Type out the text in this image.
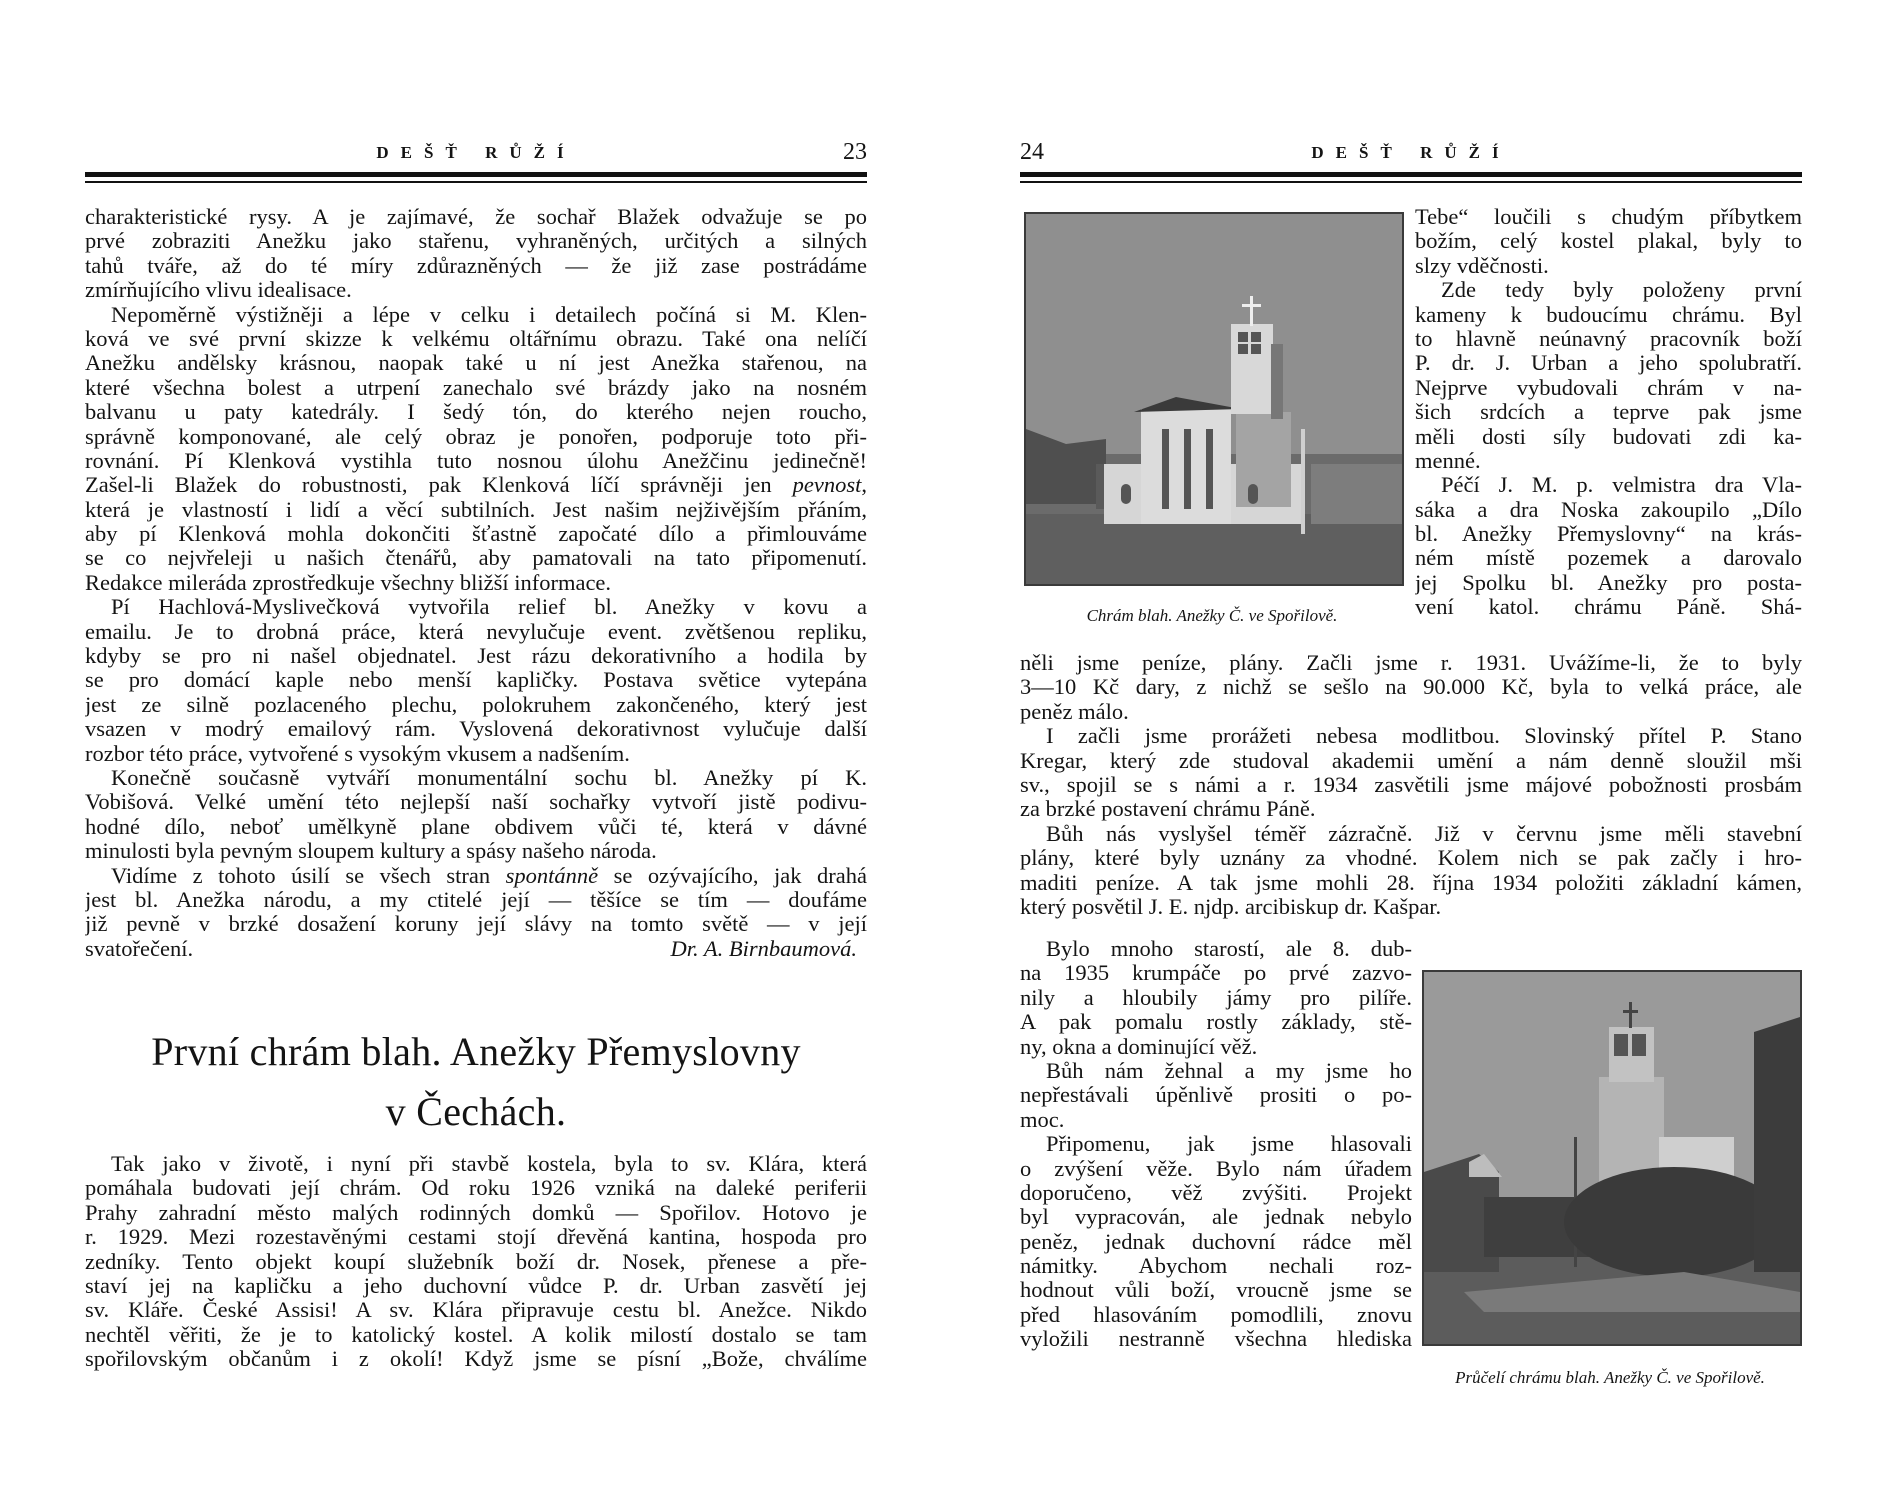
DEŠŤ RŮŽÍ	23
charakteristické rysy. A je zajímavé, že sochař Blažek odvažuje se po
prvé zobraziti Anežku jako stařenu, vyhraněných, určitých a silných
tahů tváře, až do té míry zdůrazněných — že již zase postrádáme
zmírňujícího vlivu idealisace.
Nepoměrně výstižněji a lépe v celku i detailech počíná si M. Klen-
ková ve své první skizze k velkému oltářnímu obrazu. Také ona nelíčí
Anežku andělsky krásnou, naopak také u ní jest Anežka stařenou, na
které všechna bolest a utrpení zanechalo své brázdy jako na nosném
balvanu u paty katedrály. I šedý tón, do kterého nejen roucho,
správně komponované, ale celý obraz je ponořen, podporuje toto při-
rovnání. Pí Klenková vystihla tuto nosnou úlohu Anežčinu jedinečně!
Zašel-li Blažek do robustnosti, pak Klenková líčí správněji jen pevnost,
která je vlastností i lidí a věcí subtilních. Jest našim nejživějším přáním,
aby pí Klenková mohla dokončiti šťastně započaté dílo a přimlouváme
se co nejvřeleji u našich čtenářů, aby pamatovali na tato připomenutí.
Redakce mileráda zprostředkuje všechny bližší informace.
Pí Hachlová-Myslivečková vytvořila relief bl. Anežky v kovu a
emailu. Je to drobná práce, která nevylučuje event. zvětšenou repliku,
kdyby se pro ni našel objednatel. Jest rázu dekorativního a hodila by
se pro domácí kaple nebo menší kapličky. Postava světice vytepána
jest ze silně pozlaceného plechu, polokruhem zakončeného, který jest
vsazen v modrý emailový rám. Vyslovená dekorativnost vylučuje další
rozbor této práce, vytvořené s vysokým vkusem a nadšením.
Konečně současně vytváří monumentální sochu bl. Anežky pí K.
Vobišová. Velké umění této nejlepší naší sochařky vytvoří jistě podivu-
hodné dílo, neboť umělkyně plane obdivem vůči té, která v dávné
minulosti byla pevným sloupem kultury a spásy našeho národa.
Vidíme z tohoto úsilí se všech stran spontánně se ozývajícího, jak drahá
jest bl. Anežka národu, a my ctitelé její — těšíce se tím — doufáme
již pevně v brzké dosažení koruny její slávy na tomto světě — v její
svatořečení.	Dr. A. Birnbaumová.
První chrám blah. Anežky Přemyslovny
v Čechách.
Tak jako v životě, i nyní při stavbě kostela, byla to sv. Klára, která
pomáhala budovati její chrám. Od roku 1926 vzniká na daleké periferii
Prahy zahradní město malých rodinných domků — Spořilov. Hotovo je
r. 1929. Mezi rozestavěnými cestami stojí dřevěná kantina, hospoda pro
zedníky. Tento objekt koupí služebník boží dr. Nosek, přenese a pře-
staví jej na kapličku a jeho duchovní vůdce P. dr. Urban zasvětí jej
sv. Kláře. České Assisi! A sv. Klára připravuje cestu bl. Anežce. Nikdo
nechtěl věřiti, že je to katolický kostel. A kolik milostí dostalo se tam
spořilovským občanům i z okolí! Když jsme se písní „Bože, chválíme
24	DEŠŤ RŮŽÍ
Chrám blah. Anežky Č. ve Spořilově.
Tebe“ loučili s chudým příbytkem
božím, celý kostel plakal, byly to
slzy vděčnosti.
Zde tedy byly položeny první
kameny k budoucímu chrámu. Byl
to hlavně neúnavný pracovník boží
P. dr. J. Urban a jeho spolubratří.
Nejprve vybudovali chrám v na-
šich srdcích a teprve pak jsme
měli dosti síly budovati zdi ka-
menné.
Péčí J. M. p. velmistra dra Vla-
sáka a dra Noska zakoupilo „Dílo
bl. Anežky Přemyslovny“ na krás-
ném místě pozemek a darovalo
jej Spolku bl. Anežky pro posta-
vení katol. chrámu Páně. Shá-
něli jsme peníze, plány. Začli jsme r. 1931. Uvážíme-li, že to byly
3—10 Kč dary, z nichž se sešlo na 90.000 Kč, byla to velká práce, ale
peněz málo.
I začli jsme prorážeti nebesa modlitbou. Slovinský přítel P. Stano
Kregar, který zde studoval akademii umění a nám denně sloužil mši
sv., spojil se s námi a r. 1934 zasvětili jsme májové pobožnosti prosbám
za brzké postavení chrámu Páně.
Bůh nás vyslyšel téměř zázračně. Již v červnu jsme měli stavební
plány, které byly uznány za vhodné. Kolem nich se pak začly i hro-
maditi peníze. A tak jsme mohli 28. října 1934 položiti základní kámen,
který posvětil J. E. njdp. arcibiskup dr. Kašpar.
Bylo mnoho starostí, ale 8. dub-
na 1935 krumpáče po prvé zazvo-
nily a hloubily jámy pro pilíře.
A pak pomalu rostly základy, stě-
ny, okna a dominující věž.
Bůh nám žehnal a my jsme ho
nepřestávali úpěnlivě prositi o po-
moc.
Připomenu, jak jsme hlasovali
o zvýšení věže. Bylo nám úřadem
doporučeno, věž zvýšiti. Projekt
byl vypracován, ale jednak nebylo
peněz, jednak duchovní rádce měl
námitky. Abychom nechali roz-
hodnout vůli boží, vroucně jsme se
před hlasováním pomodlili, znovu
vyložili nestranně všechna hlediska
Průčelí chrámu blah. Anežky Č. ve Spořilově.
